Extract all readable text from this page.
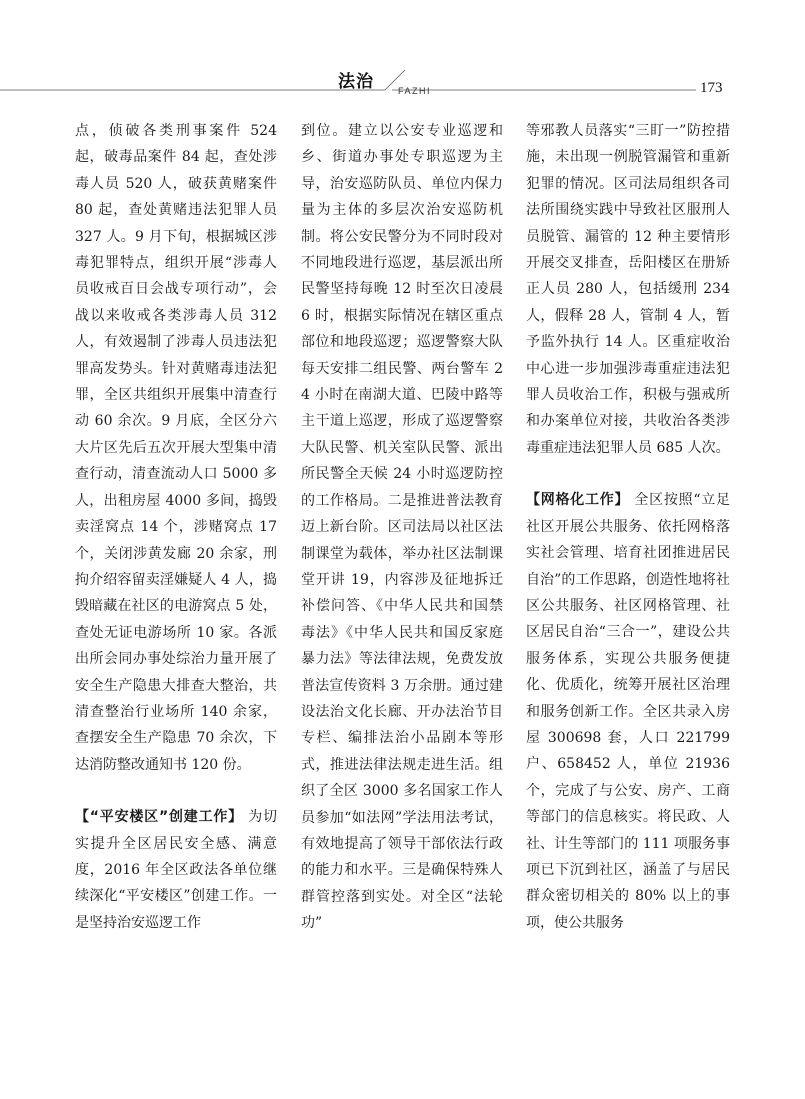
法治	FAZHI	173

点，侦破各类刑事案件 524 起，破毒品案件 84 起，查处涉毒人员 520 人，破获黄赌案件 80 起，查处黄赌违法犯罪人员 327 人。9 月下旬，根据城区涉毒犯罪特点，组织开展“涉毒人员收戒百日会战专项行动”，会战以来收戒各类涉毒人员 312 人，有效遏制了涉毒人员违法犯罪高发势头。针对黄赌毒违法犯罪，全区共组织开展集中清查行动 60 余次。9 月底，全区分六大片区先后五次开展大型集中清查行动，清查流动人口 5000 多人，出租房屋 4000 多间，捣毁卖淫窝点 14 个，涉赌窝点 17 个，关闭涉黄发廊 20 余家，刑拘介绍容留卖淫嫌疑人 4 人，捣毁暗藏在社区的电游窝点 5 处，查处无证电游场所 10 家。各派出所会同办事处综治力量开展了安全生产隐患大排查大整治，共清查整治行业场所 140 余家，查摆安全生产隐患 70 余次，下达消防整改通知书 120 份。

【“平安楼区”创建工作】 为切实提升全区居民安全感、满意度，2016 年全区政法各单位继续深化“平安楼区”创建工作。一是坚持治安巡逻工作

到位。建立以公安专业巡逻和乡、街道办事处专职巡逻为主导，治安巡防队员、单位内保力量为主体的多层次治安巡防机制。将公安民警分为不同时段对不同地段进行巡逻，基层派出所民警坚持每晚 12 时至次日凌晨 6 时，根据实际情况在辖区重点部位和地段巡逻；巡逻警察大队每天安排二组民警、两台警车 24 小时在南湖大道、巴陵中路等主干道上巡逻，形成了巡逻警察大队民警、机关室队民警、派出所民警全天候 24 小时巡逻防控的工作格局。二是推进普法教育迈上新台阶。区司法局以社区法制课堂为载体，举办社区法制课堂开讲 19，内容涉及征地拆迁补偿问答、《中华人民共和国禁毒法》《中华人民共和国反家庭暴力法》等法律法规，免费发放普法宣传资料 3 万余册。通过建设法治文化长廊、开办法治节目专栏、编排法治小品剧本等形式，推进法律法规走进生活。组织了全区 3000 多名国家工作人员参加“如法网”学法用法考试，有效地提高了领导干部依法行政的能力和水平。三是确保特殊人群管控落到实处。对全区“法轮功”

等邪教人员落实“三盯一”防控措施，未出现一例脱管漏管和重新犯罪的情况。区司法局组织各司法所围绕实践中导致社区服刑人员脱管、漏管的 12 种主要情形开展交叉排查，岳阳楼区在册矫正人员 280 人，包括缓刑 234 人，假释 28 人，管制 4 人，暂予监外执行 14 人。区重症收治中心进一步加强涉毒重症违法犯罪人员收治工作，积极与强戒所和办案单位对接，共收治各类涉毒重症违法犯罪人员 685 人次。

【网格化工作】 全区按照“立足社区开展公共服务、依托网格落实社会管理、培育社团推进居民自治”的工作思路，创造性地将社区公共服务、社区网格管理、社区居民自治“三合一”，建设公共服务体系，实现公共服务便捷化、优质化，统筹开展社区治理和服务创新工作。全区共录入房屋 300698 套，人口 221799 户、658452 人，单位 21936 个，完成了与公安、房产、工商等部门的信息核实。将民政、人社、计生等部门的 111 项服务事项已下沉到社区，涵盖了与居民群众密切相关的 80% 以上的事项，使公共服务
